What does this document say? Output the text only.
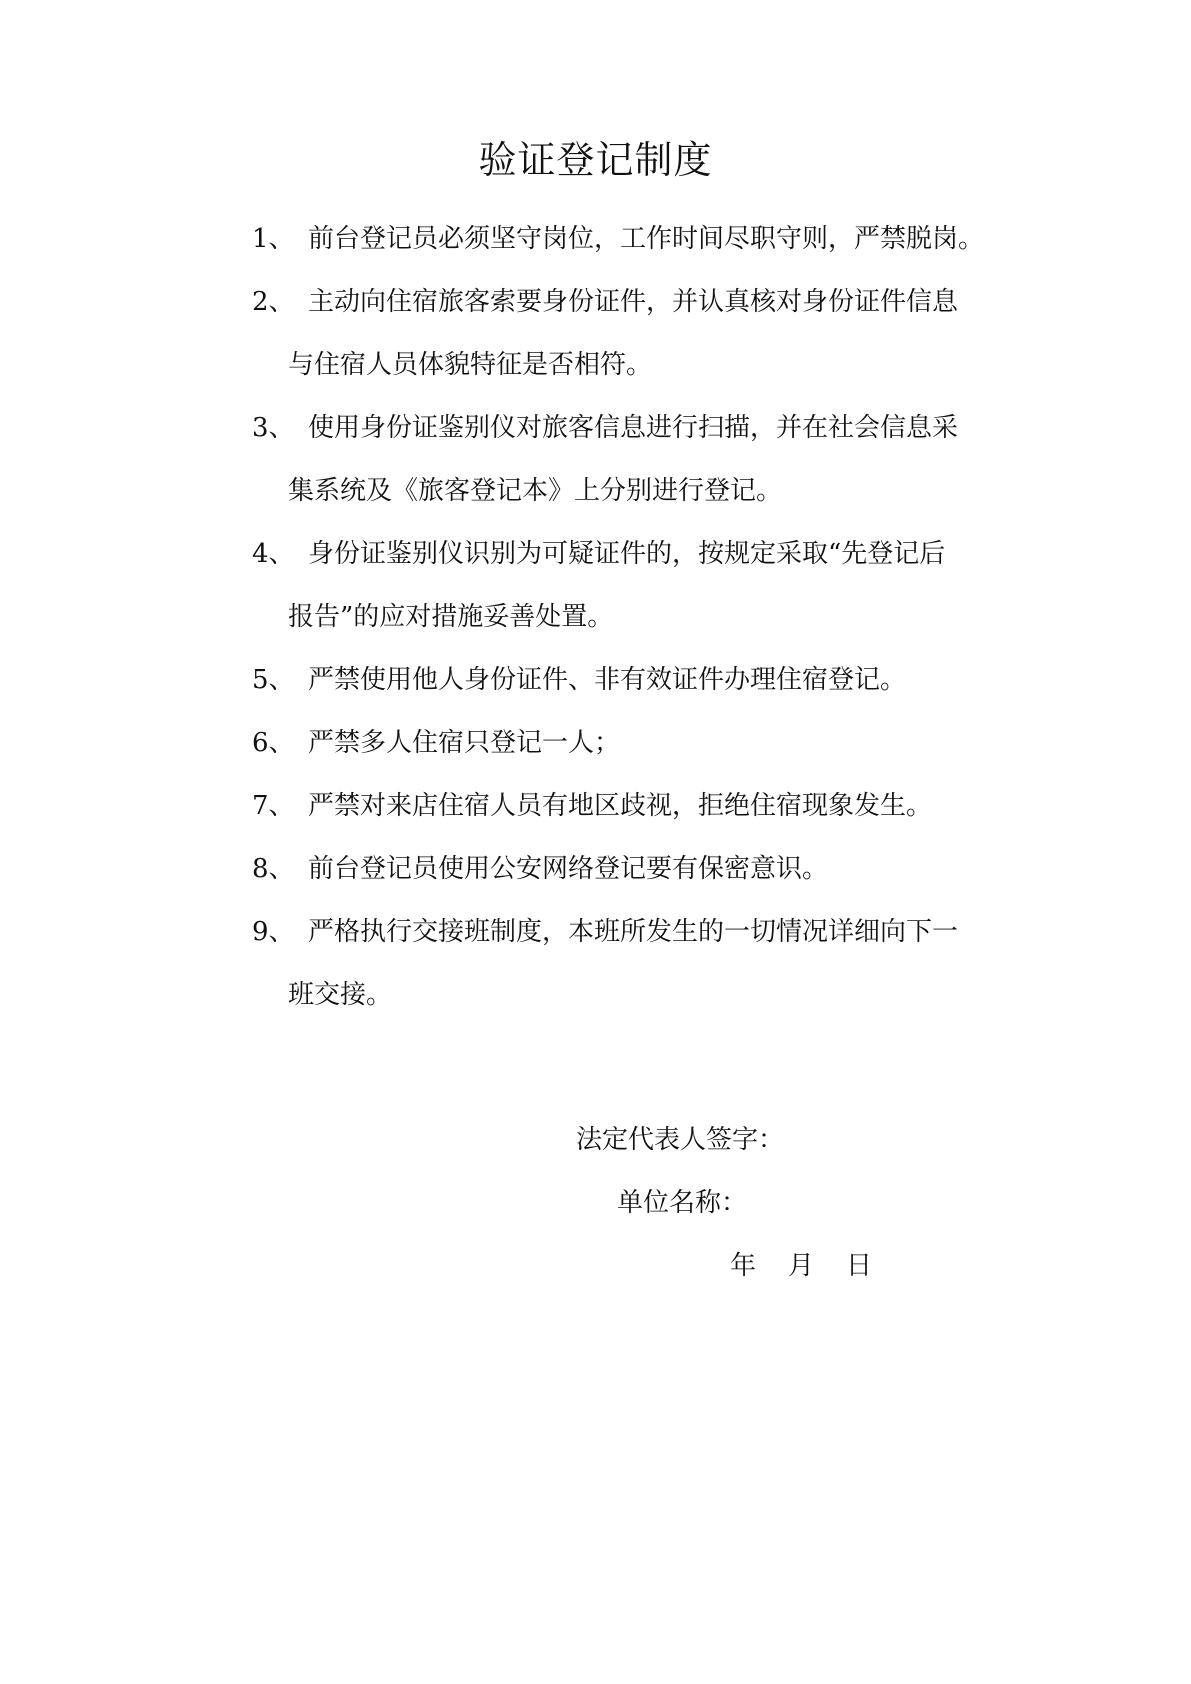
验证登记制度
1、 前台登记员必须坚守岗位，工作时间尽职守则，严禁脱岗。
2、 主动向住宿旅客索要身份证件，并认真核对身份证件信息
与住宿人员体貌特征是否相符。
3、 使用身份证鉴别仪对旅客信息进行扫描，并在社会信息采
集系统及《旅客登记本》上分别进行登记。
4、 身份证鉴别仪识别为可疑证件的，按规定采取“先登记后
报告”的应对措施妥善处置。
5、 严禁使用他人身份证件、非有效证件办理住宿登记。
6、 严禁多人住宿只登记一人；
7、 严禁对来店住宿人员有地区歧视，拒绝住宿现象发生。
8、 前台登记员使用公安网络登记要有保密意识。
9、 严格执行交接班制度，本班所发生的一切情况详细向下一
班交接。
法定代表人签字：
单位名称：
年 月 日
